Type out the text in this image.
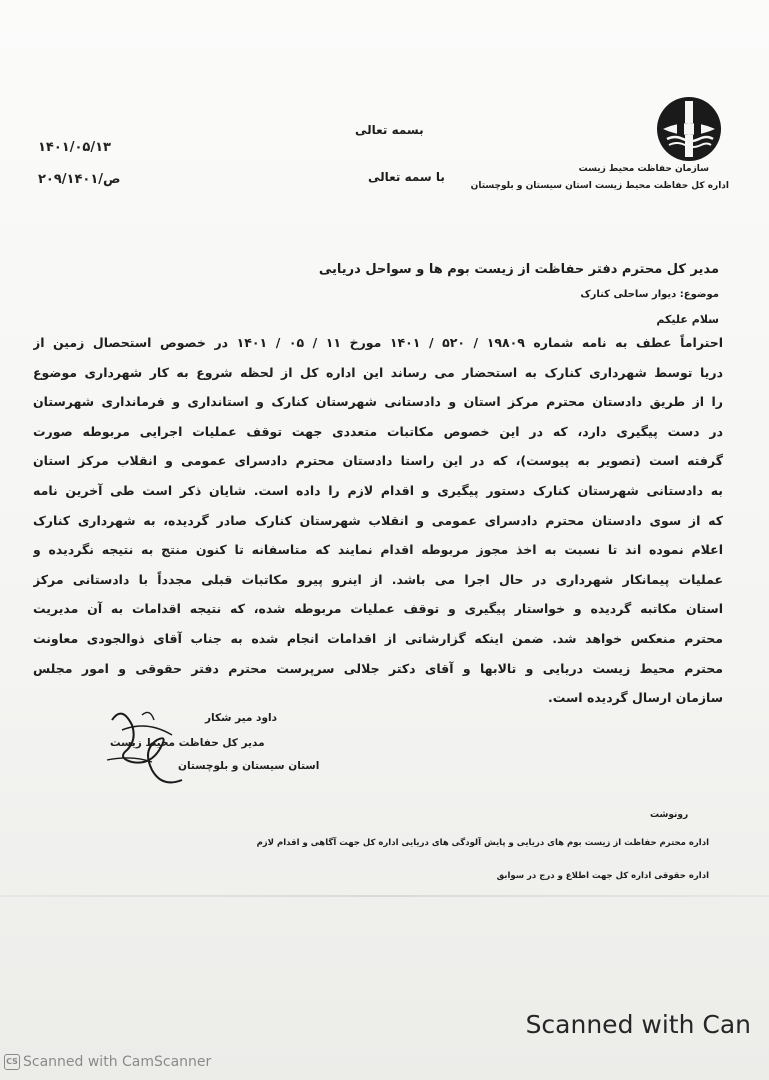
۱۴۰۱/۰۵/۱۳
۲۰۹/۱۴۰۱/ص
بسمه تعالی
با سمه تعالی
سازمان حفاظت محیط زیست
اداره کل حفاظت محیط زیست استان سیستان و بلوچستان
مدیر کل محترم دفتر حفاظت از زیست بوم ها و سواحل دریایی
موضوع: دیوار ساحلی کنارک
سلام علیکم
احتراماً عطف به نامه شماره ۱۹۸۰۹ / ۵۲۰ / ۱۴۰۱ مورخ ۱۱ / ۰۵ / ۱۴۰۱ در خصوص استحصال زمین از
دریا توسط شهرداری کنارک به استحضار می رساند این اداره کل از لحظه شروع به کار شهرداری موضوع
را از طریق دادستان محترم مرکز استان و دادستانی شهرستان کنارک و استانداری و فرمانداری شهرستان
در دست پیگیری دارد، که در این خصوص مکاتبات متعددی جهت توقف عملیات اجرایی مربوطه صورت
گرفته است (تصویر به پیوست)، که در این راستا دادستان محترم دادسرای عمومی و انقلاب مرکز استان
به دادستانی شهرستان کنارک دستور پیگیری و اقدام لازم را داده است. شایان ذکر است طی آخرین نامه
که از سوی دادستان محترم دادسرای عمومی و انقلاب شهرستان کنارک صادر گردیده، به شهرداری کنارک
اعلام نموده اند تا نسبت به اخذ مجوز مربوطه اقدام نمایند که متاسفانه تا کنون منتج به نتیجه نگردیده و
عملیات پیمانکار شهرداری در حال اجرا می باشد. از اینرو پیرو مکاتبات قبلی مجدداً با دادستانی مرکز
استان مکاتبه گردیده و خواستار پیگیری و توقف عملیات مربوطه شده، که نتیجه اقدامات به آن مدیریت
محترم منعکس خواهد شد. ضمن اینکه گزارشاتی از اقدامات انجام شده به جناب آقای ذوالجودی معاونت
محترم محیط زیست دریایی و تالابها و آقای دکتر جلالی سرپرست محترم دفتر حقوقی و امور مجلس
سازمان ارسال گردیده است.
داود میر شکار
مدیر کل حفاظت محیط زیست
استان سیستان و بلوچستان
رونوشت
اداره محترم حفاظت از زیست بوم های دریایی و پایش آلودگی های دریایی اداره کل جهت آگاهی و اقدام لازم
اداره حقوقی اداره کل جهت اطلاع و درج در سوابق
Scanned with Can
CS Scanned with CamScanner
